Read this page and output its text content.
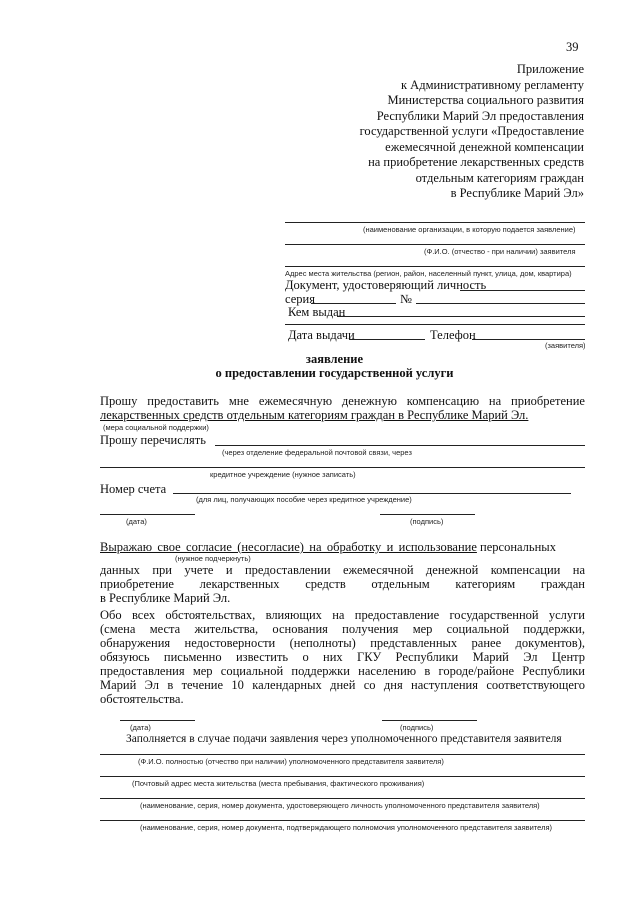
39
Приложение
к Административному регламенту
Министерства социального развития
Республики Марий Эл предоставления
государственной услуги «Предоставление
ежемесячной денежной компенсации
на приобретение лекарственных средств
отдельным категориям граждан
в Республике Марий Эл»
(наименование организации, в которую подается заявление)
(Ф.И.О. (отчество - при наличии) заявителя
Адрес места жительства (регион, район, населенный пункт, улица, дом, квартира)
Документ, удостоверяющий личность
серия	№
Кем выдан
Дата выдачи	Телефон
(заявителя)
заявление
о предоставлении государственной услуги
Прошу предоставить мне ежемесячную денежную компенсацию на приобретение
лекарственных средств отдельным категориям граждан в Республике Марий Эл.
(мера социальной поддержки)
Прошу перечислять
(через отделение федеральной почтовой связи, через
кредитное учреждение (нужное записать)
Номер счета
(для лиц, получающих пособие через кредитное учреждение)
(дата)	(подпись)
Выражаю свое согласие (несогласие) на обработку и использование персональных
(нужное подчеркнуть)
данных при учете и предоставлении ежемесячной денежной компенсации на
приобретение лекарственных средств отдельным категориям граждан
в Республике Марий Эл.
Обо всех обстоятельствах, влияющих на предоставление государственной услуги
(смена места жительства, основания получения мер социальной поддержки,
обнаружения недостоверности (неполноты) представленных ранее документов),
обязуюсь письменно известить о них ГКУ Республики Марий Эл Центр
предоставления мер социальной поддержки населению в городе/районе Республики
Марий Эл в течение 10 календарных дней со дня наступления соответствующего
обстоятельства.
(дата)	(подпись)
Заполняется в случае подачи заявления через уполномоченного представителя заявителя
(Ф.И.О. полностью (отчество при наличии) уполномоченного представителя заявителя)
(Почтовый адрес места жительства (места пребывания, фактического проживания)
(наименование, серия, номер документа, удостоверяющего личность уполномоченного представителя заявителя)
(наименование, серия, номер документа, подтверждающего полномочия уполномоченного представителя заявителя)
